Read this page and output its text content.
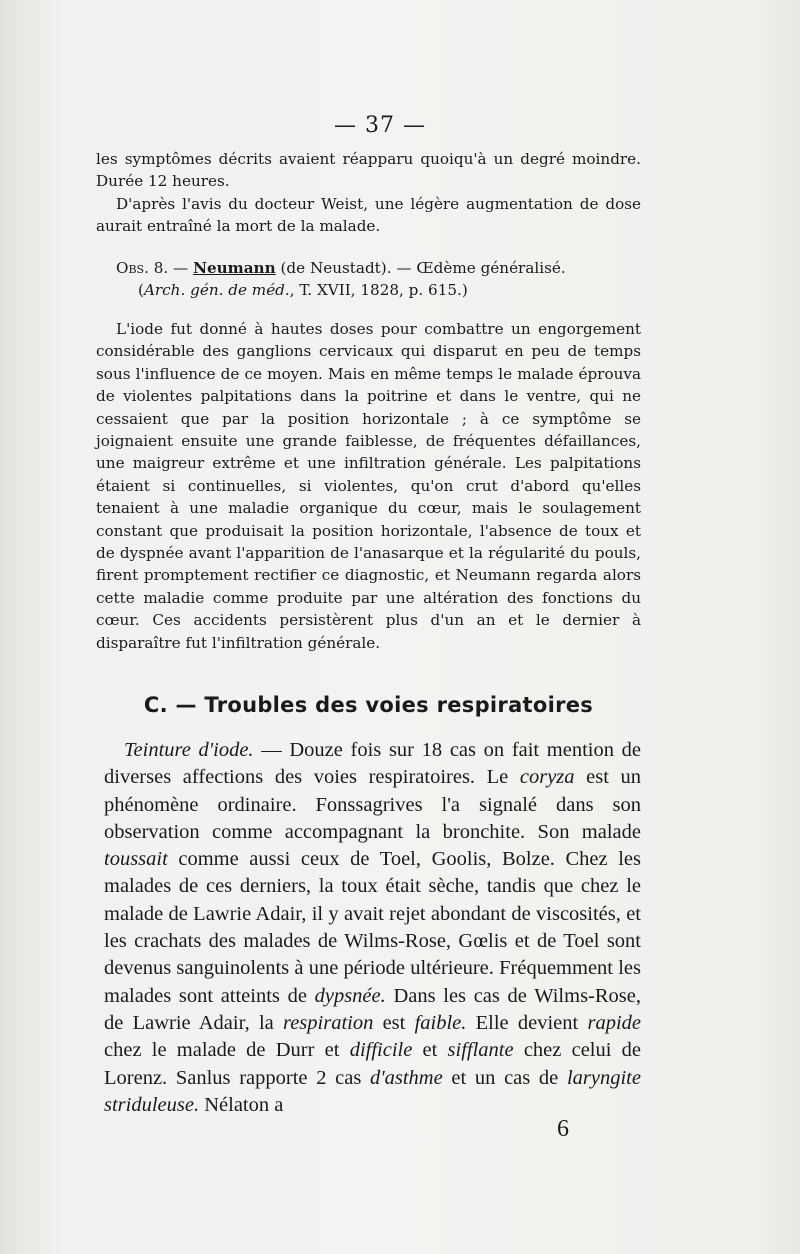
— 37 —

les symptômes décrits avaient réapparu quoiqu'à un degré moindre. Durée 12 heures.

D'après l'avis du docteur Weist, une légère augmentation de dose aurait entraîné la mort de la malade.

Obs. 8. — Neumann (de Neustadt). — Œdème généralisé.
(Arch. gén. de méd., T. XVII, 1828, p. 615.)

L'iode fut donné à hautes doses pour combattre un engorgement considérable des ganglions cervicaux qui disparut en peu de temps sous l'influence de ce moyen. Mais en même temps le malade éprouva de violentes palpitations dans la poitrine et dans le ventre, qui ne cessaient que par la position horizontale ; à ce symptôme se joignaient ensuite une grande faiblesse, de fréquentes défaillances, une maigreur extrême et une infiltration générale. Les palpitations étaient si continuelles, si violentes, qu'on crut d'abord qu'elles tenaient à une maladie organique du cœur, mais le soulagement constant que produisait la position horizontale, l'absence de toux et de dyspnée avant l'apparition de l'anasarque et la régularité du pouls, firent promptement rectifier ce diagnostic, et Neumann regarda alors cette maladie comme produite par une altération des fonctions du cœur. Ces accidents persistèrent plus d'un an et le dernier à disparaître fut l'infiltration générale.

C. — Troubles des voies respiratoires

Teinture d'iode. — Douze fois sur 18 cas on fait mention de diverses affections des voies respiratoires. Le coryza est un phénomène ordinaire. Fonssagrives l'a signalé dans son observation comme accompagnant la bronchite. Son malade toussait comme aussi ceux de Toel, Goolis, Bolze. Chez les malades de ces derniers, la toux était sèche, tandis que chez le malade de Lawrie Adair, il y avait rejet abondant de viscosités, et les crachats des malades de Wilms-Rose, Gœlis et de Toel sont devenus sanguinolents à une période ultérieure. Fréquemment les malades sont atteints de dypsnée. Dans les cas de Wilms-Rose, de Lawrie Adair, la respiration est faible. Elle devient rapide chez le malade de Durr et difficile et sifflante chez celui de Lorenz. Sanlus rapporte 2 cas d'asthme et un cas de laryngite striduleuse. Nélaton a

6
